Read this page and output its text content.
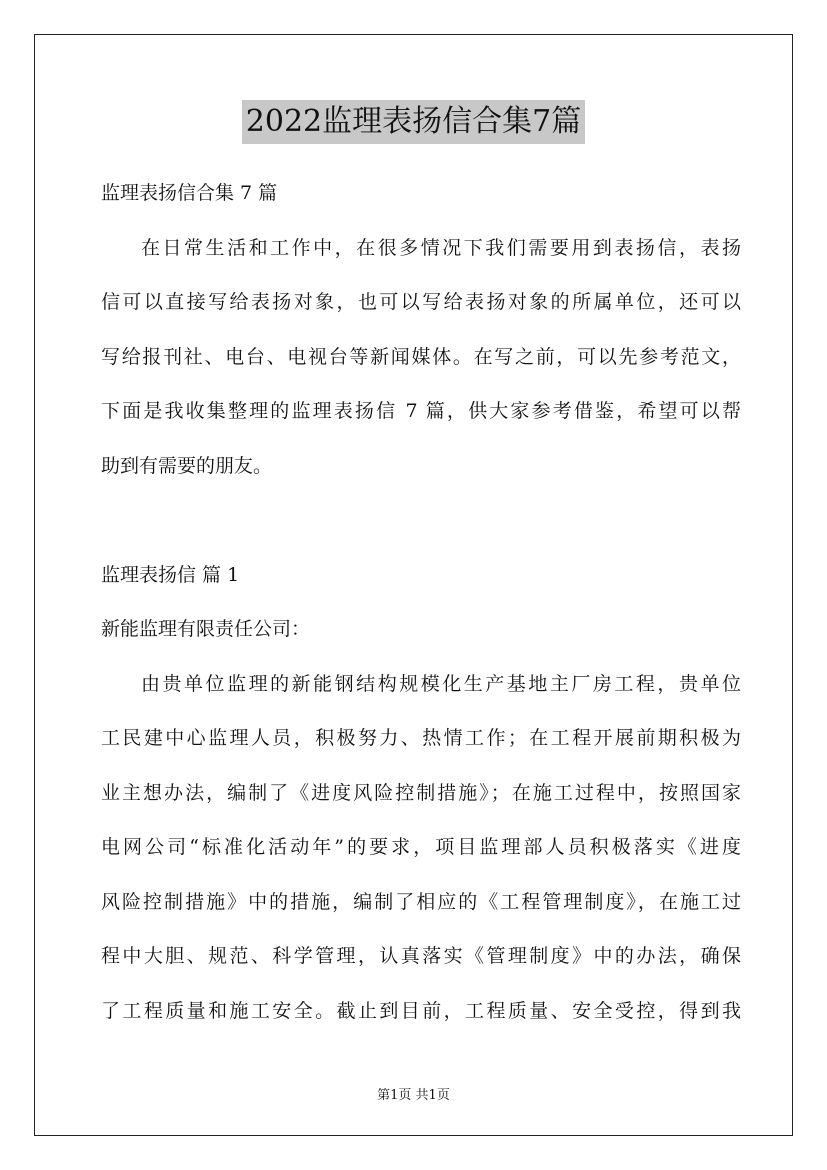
2022监理表扬信合集7篇
监理表扬信合集 7 篇
在日常生活和工作中，在很多情况下我们需要用到表扬信，表扬
信可以直接写给表扬对象，也可以写给表扬对象的所属单位，还可以
写给报刊社、电台、电视台等新闻媒体。在写之前，可以先参考范文，
下面是我收集整理的监理表扬信 7 篇，供大家参考借鉴，希望可以帮
助到有需要的朋友。
监理表扬信 篇 1
新能监理有限责任公司：
由贵单位监理的新能钢结构规模化生产基地主厂房工程，贵单位
工民建中心监理人员，积极努力、热情工作；在工程开展前期积极为
业主想办法，编制了《进度风险控制措施》；在施工过程中，按照国家
电网公司“标准化活动年”的要求，项目监理部人员积极落实《进度
风险控制措施》中的措施，编制了相应的《工程管理制度》，在施工过
程中大胆、规范、科学管理，认真落实《管理制度》中的办法，确保
了工程质量和施工安全。截止到目前，工程质量、安全受控，得到我
第1页 共1页
